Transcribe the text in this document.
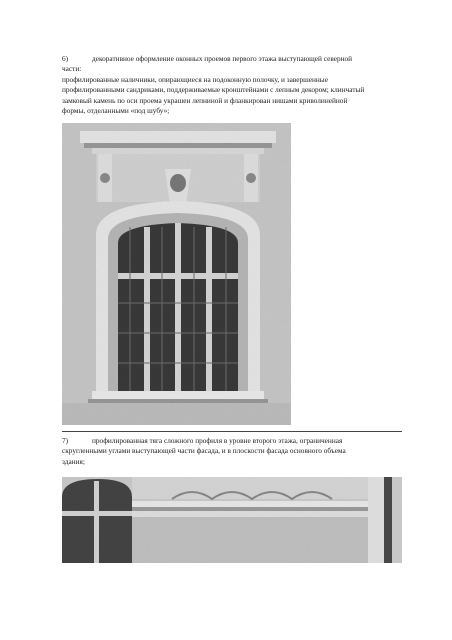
6)	декоративное оформление оконных проемов первого этажа выступающей северной
части:
профилированные наличники, опирающиеся на подоконную полочку, и завершенные
профилированными сандриками, поддерживаемые кронштейнами с лепным декором; клинчатый
замковый камень по оси проема украшен лепниной и фланкирован нишами криволинейной
формы, отделанными «под шубу»;
7)	профилированная тяга сложного профиля в уровне второго этажа, ограниченная
скругленными углами выступающей части фасада, и в плоскости фасада основного объема
здания;
